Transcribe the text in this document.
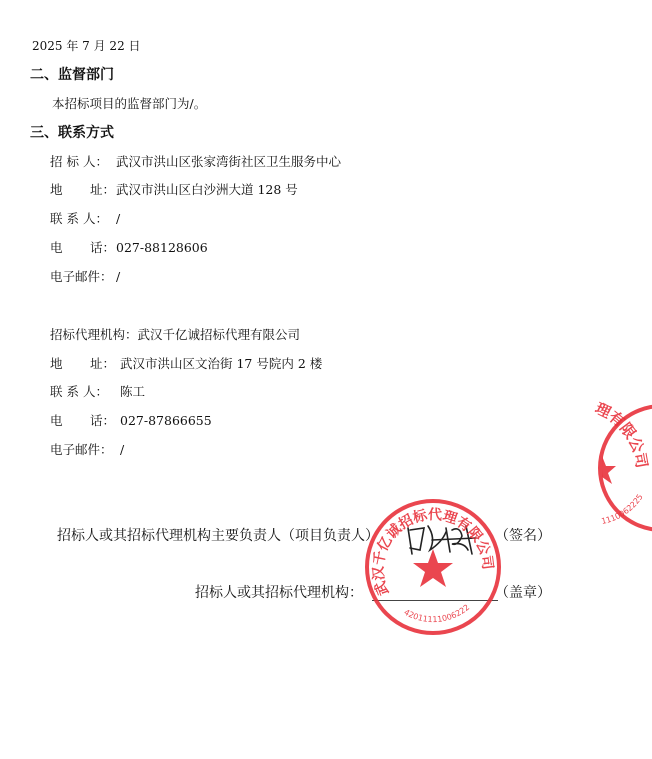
2025 年 7 月 22 日
二、监督部门
本招标项目的监督部门为/。
三、联系方式
招 标 人： 武汉市洪山区张家湾街社区卫生服务中心
地 址：武汉市洪山区白沙洲大道 128 号
联 系 人： /
电 话：027-88128606
电子邮件： /
招标代理机构：武汉千亿诚招标代理有限公司
地 址： 武汉市洪山区文治街 17 号院内 2 楼
联 系 人： 陈工
电 话： 027-87866655
电子邮件： /
招标人或其招标代理机构主要负责人（项目负责人）	（签名）
招标人或其招标代理机构：	（盖章）
武汉千亿诚招标代理有限公司
420111110062225
理有限公司
1110062225
